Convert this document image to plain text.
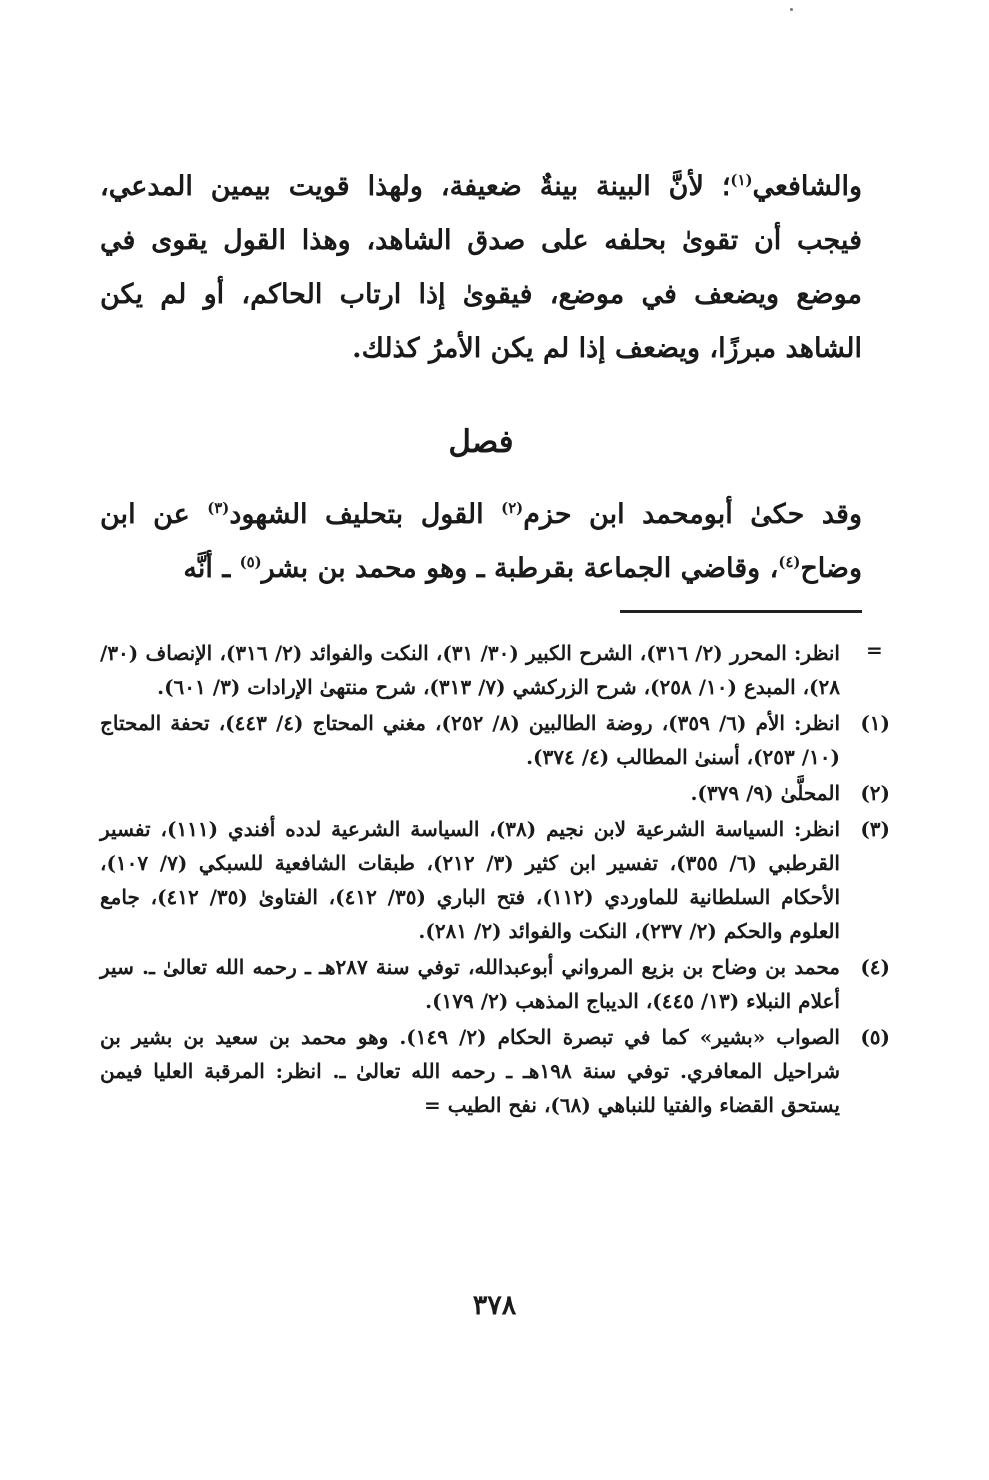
والشافعي$^{(١)}$؛ لأنَّ البينة بينةٌ ضعيفة، ولهذا قويت بيمين المدعي، فيجب أن تقوىٰ بحلفه على صدق الشاهد، وهذا القول يقوى في موضع ويضعف في موضع، فيقوىٰ إذا ارتاب الحاكم، أو لم يكن الشاهد مبرزًا، ويضعف إذا لم يكن الأمرُ كذلك.

فصل
وقد حكىٰ أبومحمد ابن حزم$^{(٢)}$ القول بتحليف الشهود$^{(٣)}$ عن ابن وضاح$^{(٤)}$، وقاضي الجماعة بقرطبة ـ وهو محمد بن بشر$^{(٥)}$ ـ أنَّه
=
انظر: المحرر (٢/ ٣١٦)، الشرح الكبير (٣٠/ ٣١)، النكت والفوائد (٢/ ٣١٦)، الإنصاف (٣٠/ ٢٨)، المبدع (١٠/ ٢٥٨)، شرح الزركشي (٧/ ٣١٣)، شرح منتهىٰ الإرادات (٣/ ٦٠١).
(١)
انظر: الأم (٦/ ٣٥٩)، روضة الطالبين (٨/ ٢٥٢)، مغني المحتاج (٤/ ٤٤٣)، تحفة المحتاج (١٠/ ٢٥٣)، أسنىٰ المطالب (٤/ ٣٧٤).
(٢)
المحلَّىٰ (٩/ ٣٧٩).
(٣)
انظر: السياسة الشرعية لابن نجيم (٣٨)، السياسة الشرعية لدده أفندي (١١١)، تفسير القرطبي (٦/ ٣٥٥)، تفسير ابن كثير (٣/ ٢١٢)، طبقات الشافعية للسبكي (٧/ ١٠٧)، الأحكام السلطانية للماوردي (١١٢)، فتح الباري (٣٥/ ٤١٢)، الفتاوىٰ (٣٥/ ٤١٢)، جامع العلوم والحكم (٢/ ٢٣٧)، النكت والفوائد (٢/ ٢٨١).
(٤)
محمد بن وضاح بن بزيع المرواني أبوعبدالله، توفي سنة ٢٨٧هـ ـ رحمه الله تعالىٰ ـ. سير أعلام النبلاء (١٣/ ٤٤٥)، الديباج المذهب (٢/ ١٧٩).
(٥)
الصواب «بشير» كما في تبصرة الحكام (٢/ ١٤٩). وهو محمد بن سعيد بن بشير بن شراحيل المعافري. توفي سنة ١٩٨هـ ـ رحمه الله تعالىٰ ـ. انظر: المرقبة العليا فيمن يستحق القضاء والفتيا للنباهي (٦٨)، نفح الطيب =
٣٧٨
